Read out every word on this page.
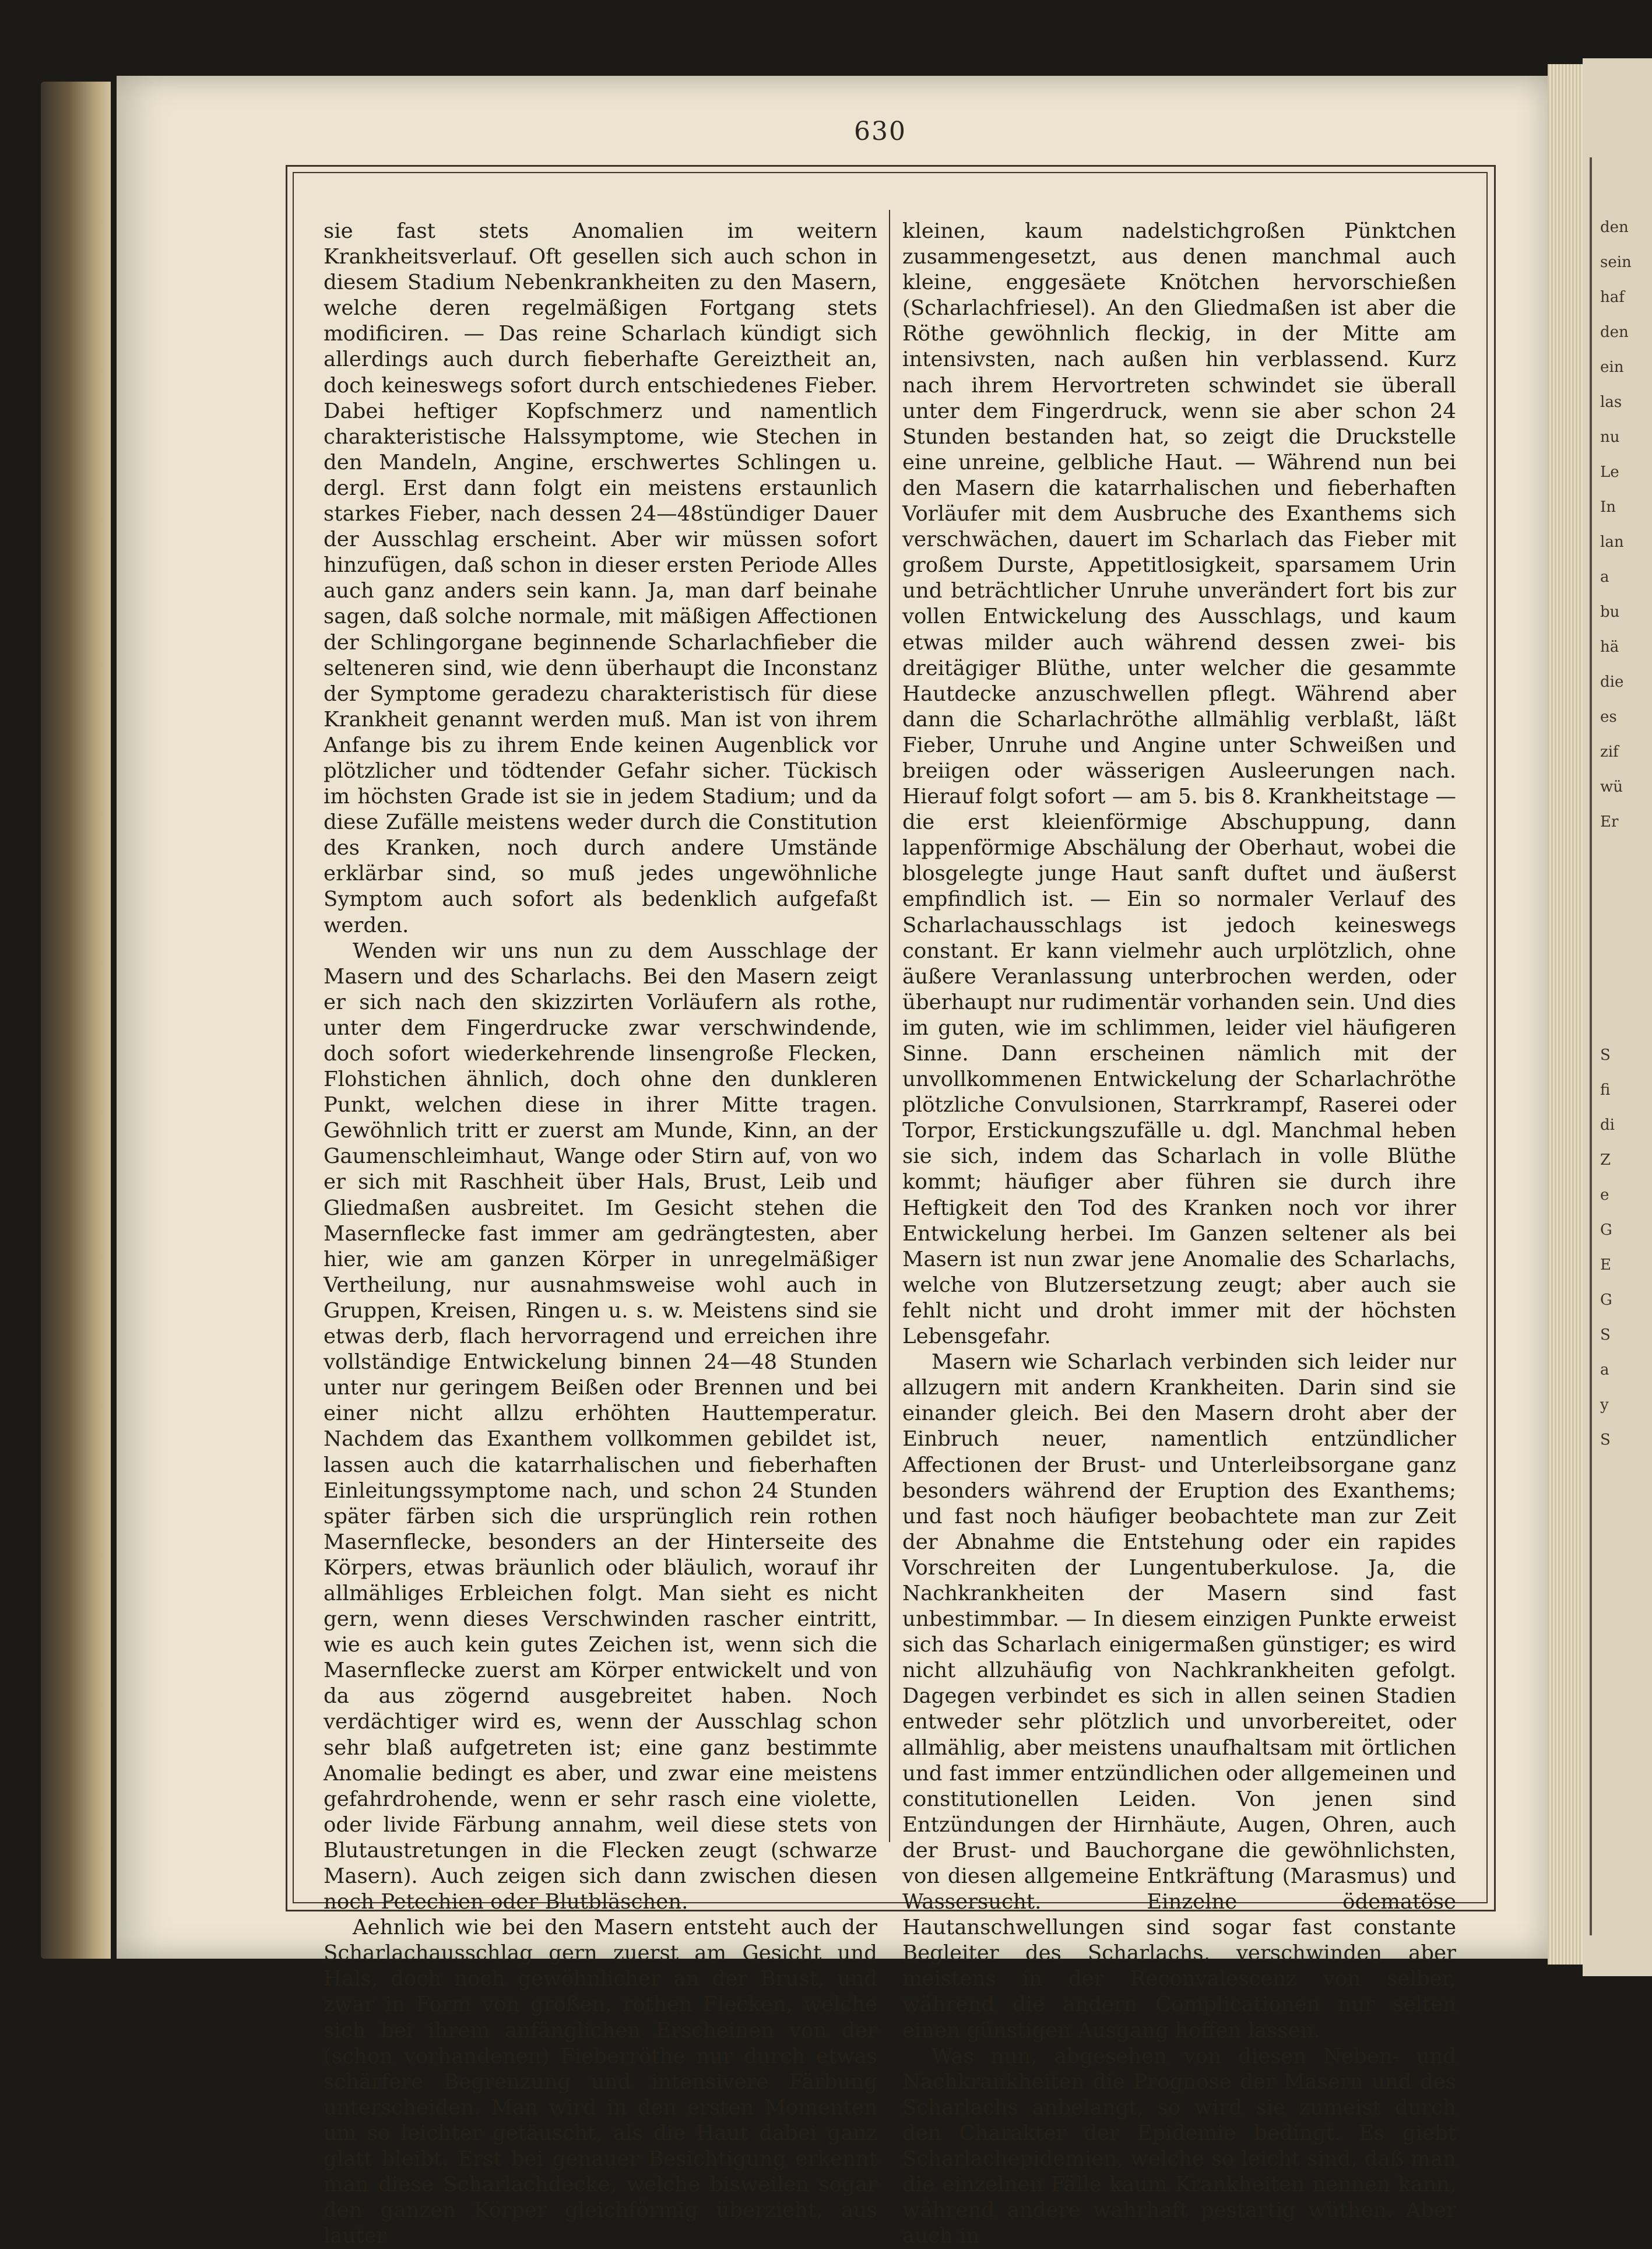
630

sie fast stets Anomalien im weitern Krankheitsverlauf. Oft gesellen sich auch schon in diesem Stadium Nebenkrankheiten zu den Masern, welche deren regelmäßigen Fortgang stets modificiren. — Das reine Scharlach kündigt sich allerdings auch durch fieberhafte Gereiztheit an, doch keineswegs sofort durch entschiedenes Fieber. Dabei heftiger Kopfschmerz und namentlich charakteristische Halssymptome, wie Stechen in den Mandeln, Angine, erschwertes Schlingen u. dergl. Erst dann folgt ein meistens erstaunlich starkes Fieber, nach dessen 24—48stündiger Dauer der Ausschlag erscheint. Aber wir müssen sofort hinzufügen, daß schon in dieser ersten Periode Alles auch ganz anders sein kann. Ja, man darf beinahe sagen, daß solche normale, mit mäßigen Affectionen der Schlingorgane beginnende Scharlachfieber die selteneren sind, wie denn überhaupt die Inconstanz der Symptome geradezu charakteristisch für diese Krankheit genannt werden muß. Man ist von ihrem Anfange bis zu ihrem Ende keinen Augenblick vor plötzlicher und tödtender Gefahr sicher. Tückisch im höchsten Grade ist sie in jedem Stadium; und da diese Zufälle meistens weder durch die Constitution des Kranken, noch durch andere Umstände erklärbar sind, so muß jedes ungewöhnliche Symptom auch sofort als bedenklich aufgefaßt werden.

Wenden wir uns nun zu dem Ausschlage der Masern und des Scharlachs. Bei den Masern zeigt er sich nach den skizzirten Vorläufern als rothe, unter dem Fingerdrucke zwar verschwindende, doch sofort wiederkehrende linsengroße Flecken, Flohstichen ähnlich, doch ohne den dunkleren Punkt, welchen diese in ihrer Mitte tragen. Gewöhnlich tritt er zuerst am Munde, Kinn, an der Gaumenschleimhaut, Wange oder Stirn auf, von wo er sich mit Raschheit über Hals, Brust, Leib und Gliedmaßen ausbreitet. Im Gesicht stehen die Masernflecke fast immer am gedrängtesten, aber hier, wie am ganzen Körper in unregelmäßiger Vertheilung, nur ausnahmsweise wohl auch in Gruppen, Kreisen, Ringen u. s. w. Meistens sind sie etwas derb, flach hervorragend und erreichen ihre vollständige Entwickelung binnen 24—48 Stunden unter nur geringem Beißen oder Brennen und bei einer nicht allzu erhöhten Hauttemperatur. Nachdem das Exanthem vollkommen gebildet ist, lassen auch die katarrhalischen und fieberhaften Einleitungssymptome nach, und schon 24 Stunden später färben sich die ursprünglich rein rothen Masernflecke, besonders an der Hinterseite des Körpers, etwas bräunlich oder bläulich, worauf ihr allmähliges Erbleichen folgt. Man sieht es nicht gern, wenn dieses Verschwinden rascher eintritt, wie es auch kein gutes Zeichen ist, wenn sich die Masernflecke zuerst am Körper entwickelt und von da aus zögernd ausgebreitet haben. Noch verdächtiger wird es, wenn der Ausschlag schon sehr blaß aufgetreten ist; eine ganz bestimmte Anomalie bedingt es aber, und zwar eine meistens gefahrdrohende, wenn er sehr rasch eine violette, oder livide Färbung annahm, weil diese stets von Blutaustretungen in die Flecken zeugt (schwarze Masern). Auch zeigen sich dann zwischen diesen noch Petechien oder Blutbläschen.

Aehnlich wie bei den Masern entsteht auch der Scharlachausschlag gern zuerst am Gesicht und Hals, doch noch gewöhnlicher an der Brust, und zwar in Form von großen, rothen Flecken, welche sich bei ihrem anfänglichen Erscheinen von der (schon vorhandenen) Fieberröthe nur durch etwas schärfere Begrenzung und intensivere Färbung unterscheiden. Man wird in den ersten Momenten um so leichter getäuscht, als die Haut dabei ganz glatt bleibt. Erst bei genauer Besichtigung erkennt man diese Scharlachdecke, welche bisweilen sogar den ganzen Körper gleichförmig überzieht, aus lauter

kleinen, kaum nadelstichgroßen Pünktchen zusammengesetzt, aus denen manchmal auch kleine, enggesäete Knötchen hervorschießen (Scharlachfriesel). An den Gliedmaßen ist aber die Röthe gewöhnlich fleckig, in der Mitte am intensivsten, nach außen hin verblassend. Kurz nach ihrem Hervortreten schwindet sie überall unter dem Fingerdruck, wenn sie aber schon 24 Stunden bestanden hat, so zeigt die Druckstelle eine unreine, gelbliche Haut. — Während nun bei den Masern die katarrhalischen und fieberhaften Vorläufer mit dem Ausbruche des Exanthems sich verschwächen, dauert im Scharlach das Fieber mit großem Durste, Appetitlosigkeit, sparsamem Urin und beträchtlicher Unruhe unverändert fort bis zur vollen Entwickelung des Ausschlags, und kaum etwas milder auch während dessen zwei- bis dreitägiger Blüthe, unter welcher die gesammte Hautdecke anzuschwellen pflegt. Während aber dann die Scharlachröthe allmählig verblaßt, läßt Fieber, Unruhe und Angine unter Schweißen und breiigen oder wässerigen Ausleerungen nach. Hierauf folgt sofort — am 5. bis 8. Krankheitstage — die erst kleienförmige Abschuppung, dann lappenförmige Abschälung der Oberhaut, wobei die blosgelegte junge Haut sanft duftet und äußerst empfindlich ist. — Ein so normaler Verlauf des Scharlachausschlags ist jedoch keineswegs constant. Er kann vielmehr auch urplötzlich, ohne äußere Veranlassung unterbrochen werden, oder überhaupt nur rudimentär vorhanden sein. Und dies im guten, wie im schlimmen, leider viel häufigeren Sinne. Dann erscheinen nämlich mit der unvollkommenen Entwickelung der Scharlachröthe plötzliche Convulsionen, Starrkrampf, Raserei oder Torpor, Erstickungszufälle u. dgl. Manchmal heben sie sich, indem das Scharlach in volle Blüthe kommt; häufiger aber führen sie durch ihre Heftigkeit den Tod des Kranken noch vor ihrer Entwickelung herbei. Im Ganzen seltener als bei Masern ist nun zwar jene Anomalie des Scharlachs, welche von Blutzersetzung zeugt; aber auch sie fehlt nicht und droht immer mit der höchsten Lebensgefahr.

Masern wie Scharlach verbinden sich leider nur allzugern mit andern Krankheiten. Darin sind sie einander gleich. Bei den Masern droht aber der Einbruch neuer, namentlich entzündlicher Affectionen der Brust- und Unterleibsorgane ganz besonders während der Eruption des Exanthems; und fast noch häufiger beobachtete man zur Zeit der Abnahme die Entstehung oder ein rapides Vorschreiten der Lungentuberkulose. Ja, die Nachkrankheiten der Masern sind fast unbestimmbar. — In diesem einzigen Punkte erweist sich das Scharlach einigermaßen günstiger; es wird nicht allzuhäufig von Nachkrankheiten gefolgt. Dagegen verbindet es sich in allen seinen Stadien entweder sehr plötzlich und unvorbereitet, oder allmählig, aber meistens unaufhaltsam mit örtlichen und fast immer entzündlichen oder allgemeinen und constitutionellen Leiden. Von jenen sind Entzündungen der Hirnhäute, Augen, Ohren, auch der Brust- und Bauchorgane die gewöhnlichsten, von diesen allgemeine Entkräftung (Marasmus) und Wassersucht. Einzelne ödematöse Hautanschwellungen sind sogar fast constante Begleiter des Scharlachs, verschwinden aber meistens in der Reconvalescenz von selber, während die andern Complicationen nur selten einen günstigen Ausgang hoffen lassen.

Was nun, abgesehen von diesen Neben- und Nachkrankheiten die Prognose der Masern und des Scharlachs anbelangt, so wird sie zumeist durch den Charakter der Epidemie bedingt. Es giebt Scharlachepidemien, welche so leicht sind, daß man die einzelnen Fälle kaum Krankheiten nennen kann, während andere wahrhaft pestartig wüthen. Aber auch in

den
sein
haf
den
ein
las
nu
Le
In
lan
a
bu
hä
die
es
zif
wü
Er
S
fi
di
Z
e
G
E
G
S
a
y
S
